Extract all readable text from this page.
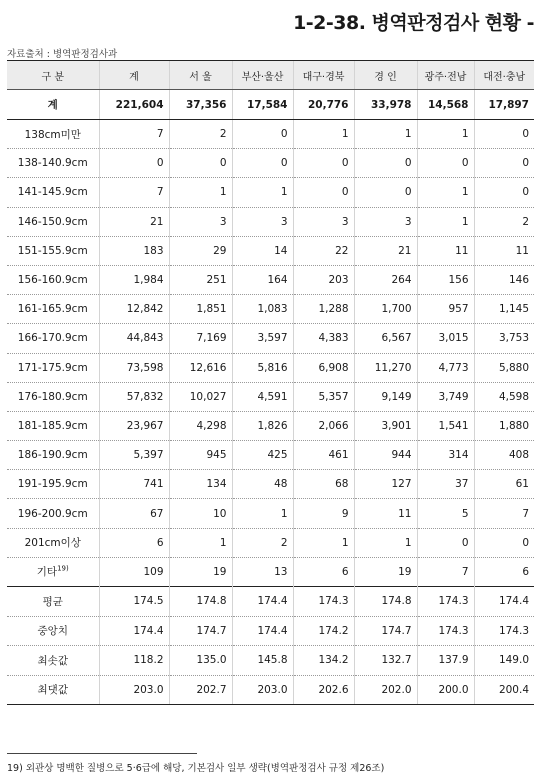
1-2-38. 병역판정검사 현황 -
자료출처 : 병역판정검사과
구 분	계	서 울	부산·울산	대구·경북	경 인	광주·전남	대전·충남
계	221,604	37,356	17,584	20,776	33,978	14,568	17,897
138cm미만	7	2	0	1	1	1	0
138-140.9cm	0	0	0	0	0	0	0
141-145.9cm	7	1	1	0	0	1	0
146-150.9cm	21	3	3	3	3	1	2
151-155.9cm	183	29	14	22	21	11	11
156-160.9cm	1,984	251	164	203	264	156	146
161-165.9cm	12,842	1,851	1,083	1,288	1,700	957	1,145
166-170.9cm	44,843	7,169	3,597	4,383	6,567	3,015	3,753
171-175.9cm	73,598	12,616	5,816	6,908	11,270	4,773	5,880
176-180.9cm	57,832	10,027	4,591	5,357	9,149	3,749	4,598
181-185.9cm	23,967	4,298	1,826	2,066	3,901	1,541	1,880
186-190.9cm	5,397	945	425	461	944	314	408
191-195.9cm	741	134	48	68	127	37	61
196-200.9cm	67	10	1	9	11	5	7
201cm이상	6	1	2	1	1	0	0
기타$^{19)}$	109	19	13	6	19	7	6
평균	174.5	174.8	174.4	174.3	174.8	174.3	174.4
중앙치	174.4	174.7	174.4	174.2	174.7	174.3	174.3
최솟값	118.2	135.0	145.8	134.2	132.7	137.9	149.0
최댓값	203.0	202.7	203.0	202.6	202.0	200.0	200.4
19) 외관상 명백한 질병으로 5·6급에 해당, 기본검사 일부 생략(병역판정검사 규정 제26조)
